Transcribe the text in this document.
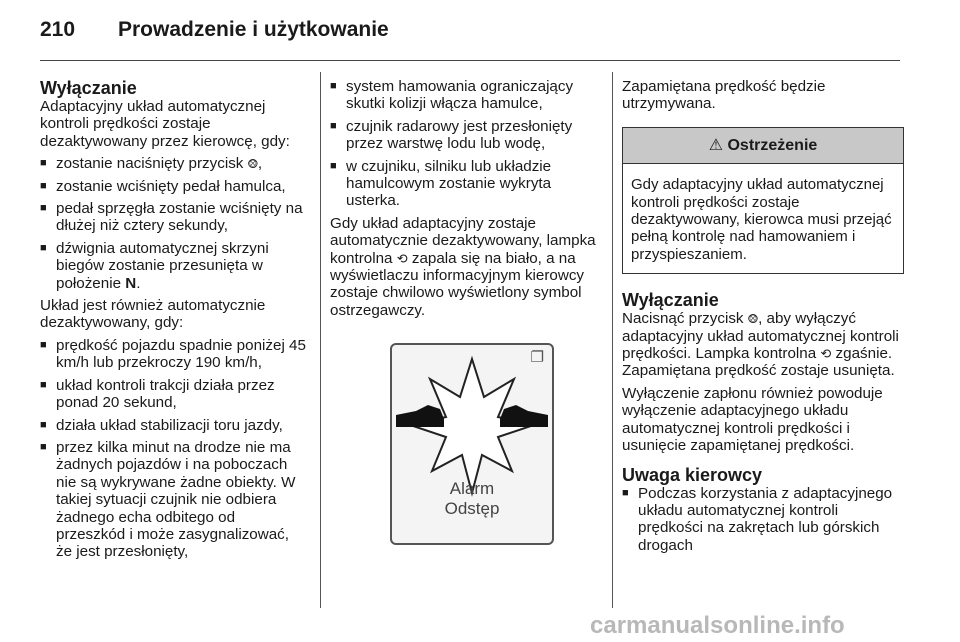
210 Prowadzenie i użytkowanie
Wyłączanie

Adaptacyjny układ automatycznej kontroli prędkości zostaje dezaktywowany przez kierowcę, gdy:

■ zostanie naciśnięty przycisk ⨷,
■ zostanie wciśnięty pedał hamulca,
■ pedał sprzęgła zostanie wciśnięty na dłużej niż cztery sekundy,
■ dźwignia automatycznej skrzyni biegów zostanie przesunięta w położenie N.

Układ jest również automatycznie dezaktywowany, gdy:

■ prędkość pojazdu spadnie poniżej 45 km/h lub przekroczy 190 km/h,
■ układ kontroli trakcji działa przez ponad 20 sekund,
■ działa układ stabilizacji toru jazdy,
■ przez kilka minut na drodze nie ma żadnych pojazdów i na poboczach nie są wykrywane żadne obiekty. W takiej sytuacji czujnik nie odbiera żadnego echa odbitego od przeszkód i może zasygnalizować, że jest przesłonięty,
■ system hamowania ograniczający skutki kolizji włącza hamulce,
■ czujnik radarowy jest przesłonięty przez warstwę lodu lub wodę,
■ w czujniku, silniku lub układzie hamulcowym zostanie wykryta usterka.

Gdy układ adaptacyjny zostaje automatycznie dezaktywowany, lampka kontrolna ⟲ zapala się na biało, a na wyświetlaczu informacyjnym kierowcy zostaje chwilowo wyświetlony symbol ostrzegawczy.

❐
Alarm
Odstęp

Zapamiętana prędkość będzie utrzymywana.

⚠ Ostrzeżenie
Gdy adaptacyjny układ automatycznej kontroli prędkości zostaje dezaktywowany, kierowca musi przejąć pełną kontrolę nad hamowaniem i przyspieszaniem.
Wyłączanie

Nacisnąć przycisk ⨷, aby wyłączyć adaptacyjny układ automatycznej kontroli prędkości. Lampka kontrolna ⟲ zgaśnie. Zapamiętana prędkość zostaje usunięta.

Wyłączenie zapłonu również powoduje wyłączenie adaptacyjnego układu automatycznej kontroli prędkości i usunięcie zapamiętanej prędkości.

Uwaga kierowcy
■ Podczas korzystania z adaptacyjnego układu automatycznej kontroli prędkości na zakrętach lub górskich drogach
carmanualsonline.info
